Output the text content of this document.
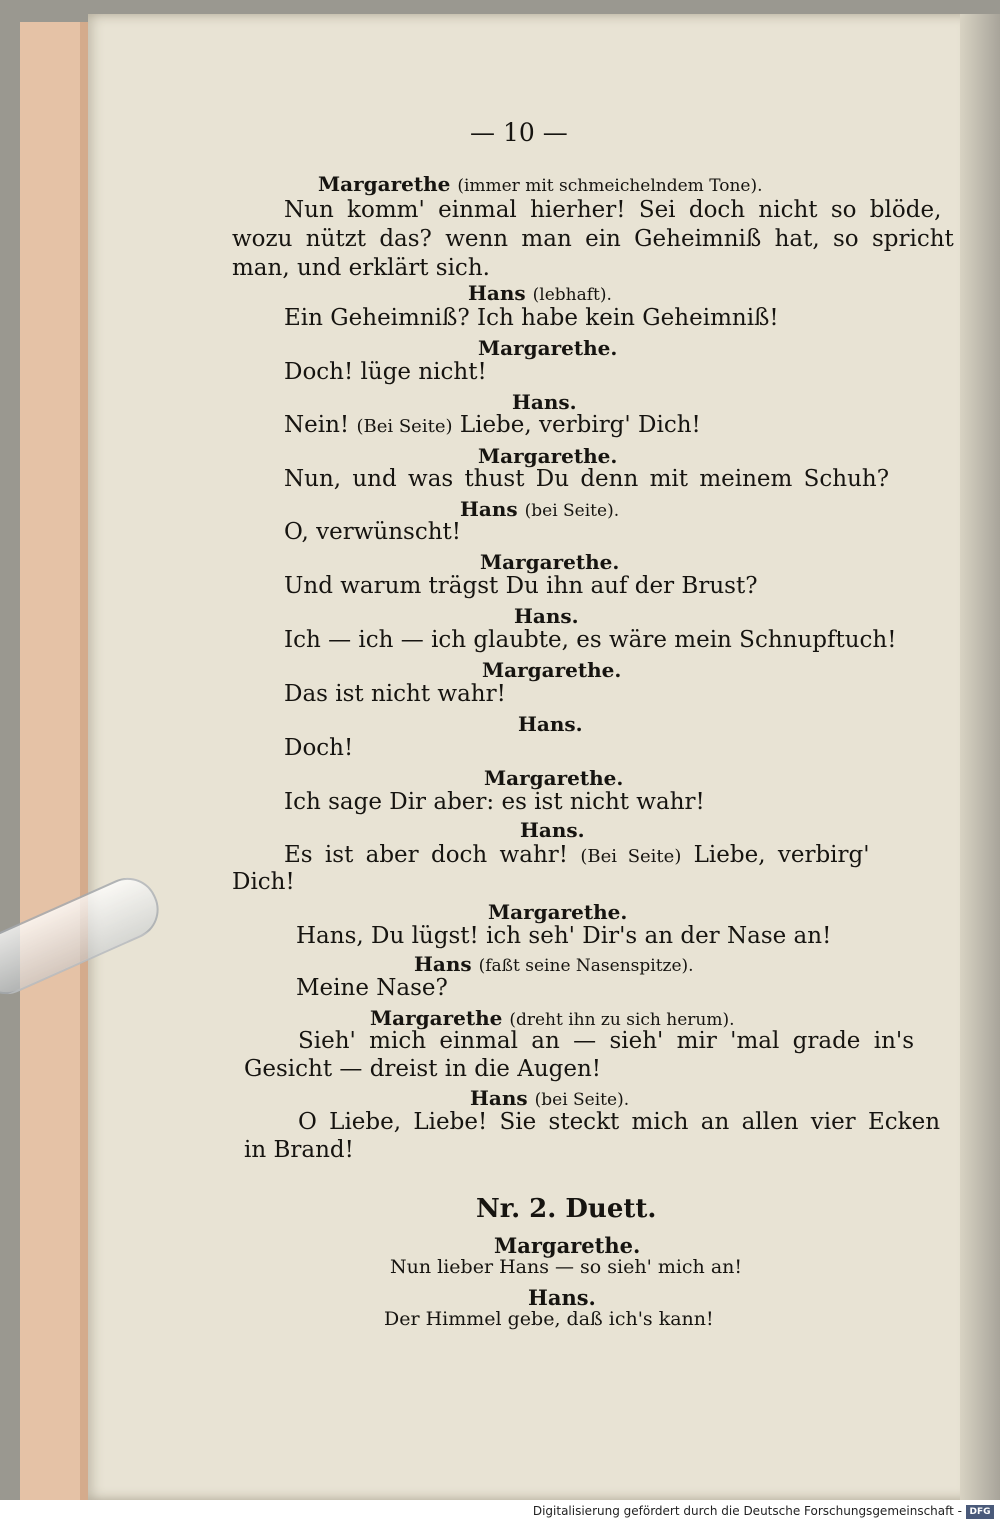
— 10 —
Margarethe (immer mit schmeichelndem Tone).
Nun komm' einmal hierher! Sei doch nicht so blöde,
wozu nützt das? wenn man ein Geheimniß hat, so spricht
man, und erklärt sich.
Hans (lebhaft).
Ein Geheimniß? Ich habe kein Geheimniß!
Margarethe.
Doch! lüge nicht!
Hans.
Nein! (Bei Seite) Liebe, verbirg' Dich!
Margarethe.
Nun, und was thust Du denn mit meinem Schuh?
Hans (bei Seite).
O, verwünscht!
Margarethe.
Und warum trägst Du ihn auf der Brust?
Hans.
Ich — ich — ich glaubte, es wäre mein Schnupftuch!
Margarethe.
Das ist nicht wahr!
Hans.
Doch!
Margarethe.
Ich sage Dir aber: es ist nicht wahr!
Hans.
Es ist aber doch wahr! (Bei Seite) Liebe, verbirg'
Dich!
Margarethe.
Hans, Du lügst! ich seh' Dir's an der Nase an!
Hans (faßt seine Nasenspitze).
Meine Nase?
Margarethe (dreht ihn zu sich herum).
Sieh' mich einmal an — sieh' mir 'mal grade in's
Gesicht — dreist in die Augen!
Hans (bei Seite).
O Liebe, Liebe! Sie steckt mich an allen vier Ecken
in Brand!
Nr. 2. Duett.
Margarethe.
Nun lieber Hans — so sieh' mich an!
Hans.
Der Himmel gebe, daß ich's kann!
Digitalisierung gefördert durch die Deutsche Forschungsgemeinschaft - DFG
